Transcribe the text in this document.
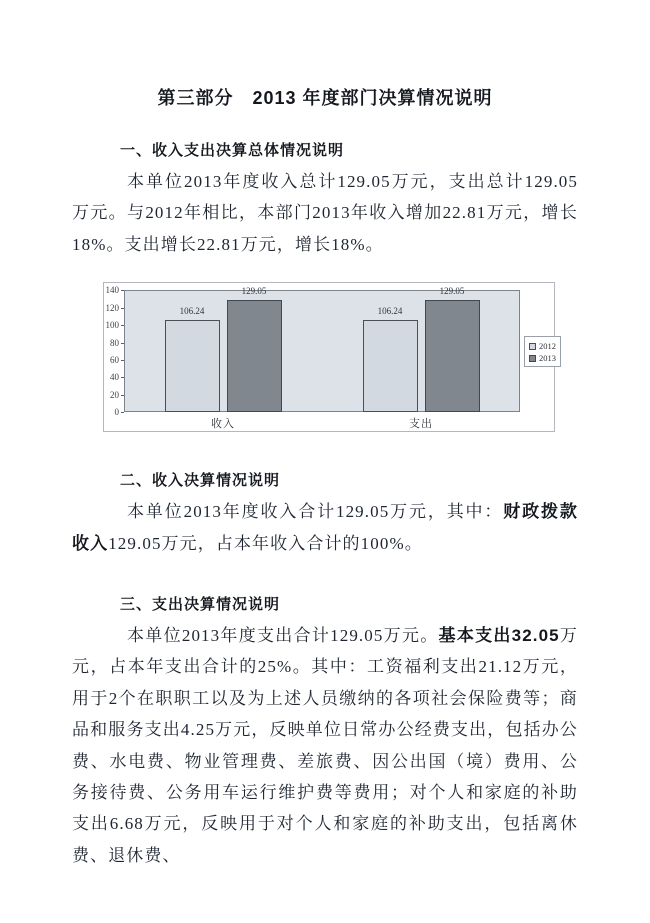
第三部分　2013 年度部门决算情况说明
一、收入支出决算总体情况说明

本单位2013年度收入总计129.05万元，支出总计129.05万元。与2012年相比，本部门2013年收入增加22.81万元，增长18%。支出增长22.81万元，增长18%。

0
20
40
60
80
100
120
140
收入
106.24
129.05
支出
106.24
129.05
2012
2013
二、收入决算情况说明

本单位2013年度收入合计129.05万元，其中：财政拨款收入129.05万元，占本年收入合计的100%。

三、支出决算情况说明

本单位2013年度支出合计129.05万元。基本支出32.05万元，占本年支出合计的25%。其中：工资福利支出21.12万元，用于2个在职职工以及为上述人员缴纳的各项社会保险费等；商品和服务支出4.25万元，反映单位日常办公经费支出，包括办公费、水电费、物业管理费、差旅费、因公出国（境）费用、公务接待费、公务用车运行维护费等费用；对个人和家庭的补助支出6.68万元，反映用于对个人和家庭的补助支出，包括离休费、退休费、
